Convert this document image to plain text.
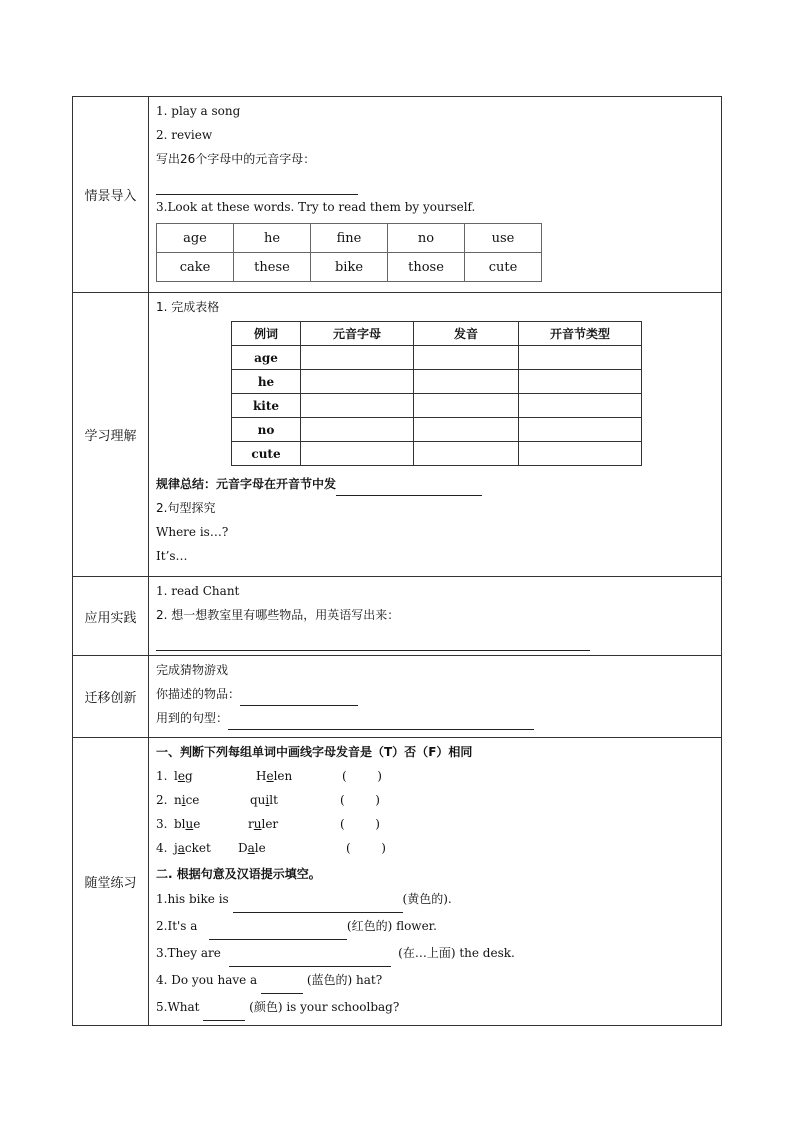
情景导入	
1. play a song
2. review
写出26个字母中的元音字母：
3.Look at these words. Try to read them by yourself.
age	he	fine	no	use
cake	these	bike	those	cute

学习理解	
1. 完成表格
例词	元音字母	发音	开音节类型
age			
he			
kite			
no			
cute			
规律总结：元音字母在开音节中发
2.句型探究
Where is…?
It’s…

应用实践	
1. read Chant
2. 想一想教室里有哪些物品，用英语写出来：

迁移创新	
完成猜物游戏
你描述的物品：
用到的句型：

随堂练习	
一、判断下列每组单词中画线字母发音是（T）否（F）相同
1. leg	Helen	(        )
2. nice	quilt	(        )
3. blue	ruler	(        )
4. jacket Dale	(        )
二. 根据句意及汉语提示填空。
1.his bike is	(黄色的).
2.It's a	(红色的) flower.
3.They are	(在…上面) the desk.
4. Do you have a	(蓝色的) hat?
5.What	(颜色) is your schoolbag?
